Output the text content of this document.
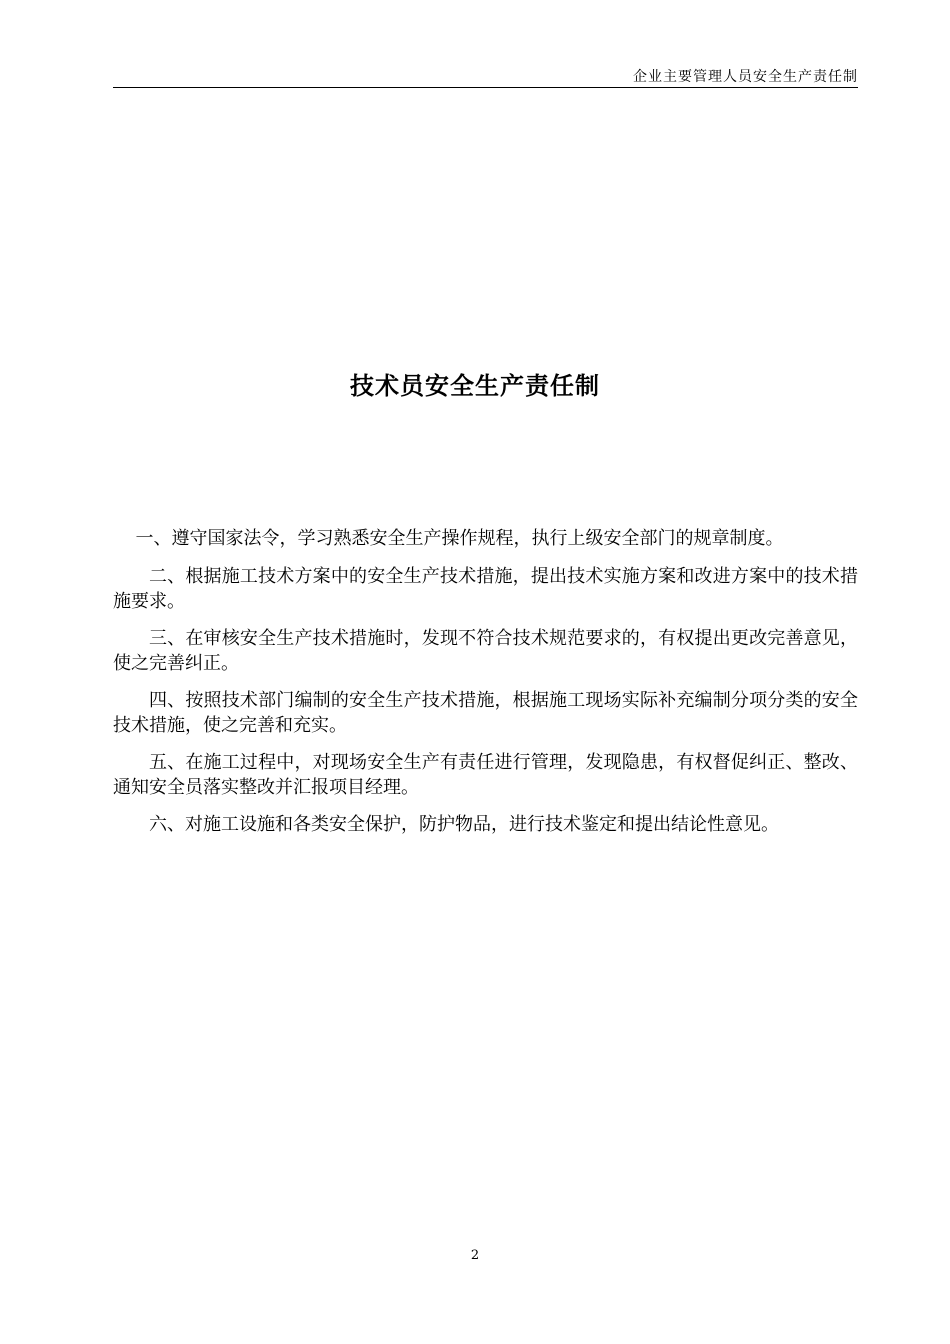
企业主要管理人员安全生产责任制
技术员安全生产责任制

一、遵守国家法令，学习熟悉安全生产操作规程，执行上级安全部门的规章制度。

二、根据施工技术方案中的安全生产技术措施，提出技术实施方案和改进方案中的技术措施要求。

三、在审核安全生产技术措施时，发现不符合技术规范要求的，有权提出更改完善意见，使之完善纠正。

四、按照技术部门编制的安全生产技术措施，根据施工现场实际补充编制分项分类的安全技术措施，使之完善和充实。

五、在施工过程中，对现场安全生产有责任进行管理，发现隐患，有权督促纠正、整改、通知安全员落实整改并汇报项目经理。

六、对施工设施和各类安全保护，防护物品，进行技术鉴定和提出结论性意见。

2
